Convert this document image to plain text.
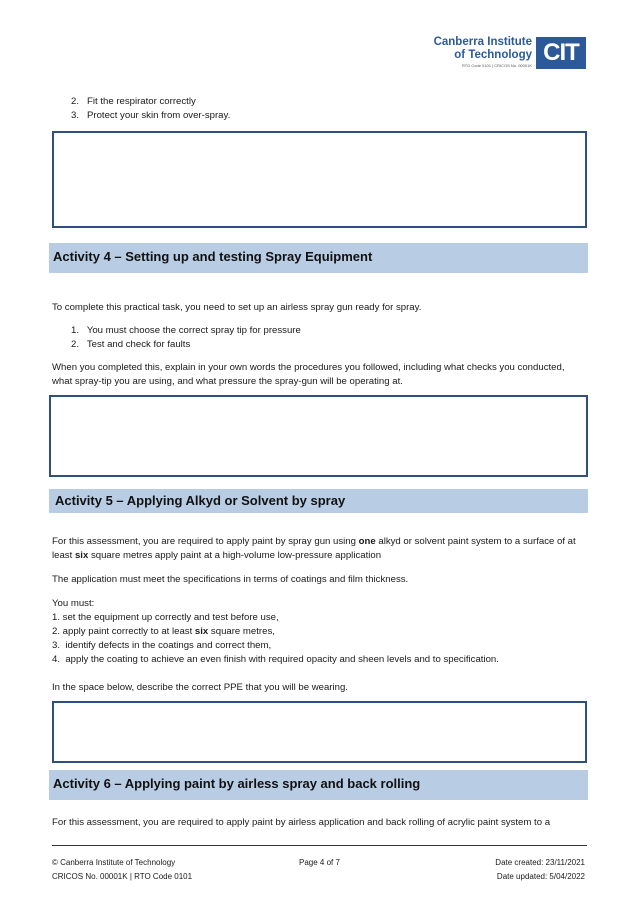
Canberra Institute
of Technology
RTO Code 0101 | CRICOS No. 00001K CIT
2.   Fit the respirator correctly
3.   Protect your skin from over-spray.
Activity 4 – Setting up and testing Spray Equipment
To complete this practical task, you need to set up an airless spray gun ready for spray.
1.   You must choose the correct spray tip for pressure
2.   Test and check for faults
When you completed this, explain in your own words the procedures you followed, including what checks you conducted,
what spray-tip you are using, and what pressure the spray-gun will be operating at.
Activity 5 – Applying Alkyd or Solvent by spray
For this assessment, you are required to apply paint by spray gun using one alkyd or solvent paint system to a surface of at
least six square metres apply paint at a high-volume low-pressure application
The application must meet the specifications in terms of coatings and film thickness.
You must:
1. set the equipment up correctly and test before use,
2. apply paint correctly to at least six square metres,
3.  identify defects in the coatings and correct them,
4.  apply the coating to achieve an even finish with required opacity and sheen levels and to specification.
In the space below, describe the correct PPE that you will be wearing.
Activity 6 – Applying paint by airless spray and back rolling
For this assessment, you are required to apply paint by airless application and back rolling of acrylic paint system to a
© Canberra Institute of Technology	Page 4 of 7	Date created: 23/11/2021
CRICOS No. 00001K | RTO Code 0101	Date updated: 5/04/2022
